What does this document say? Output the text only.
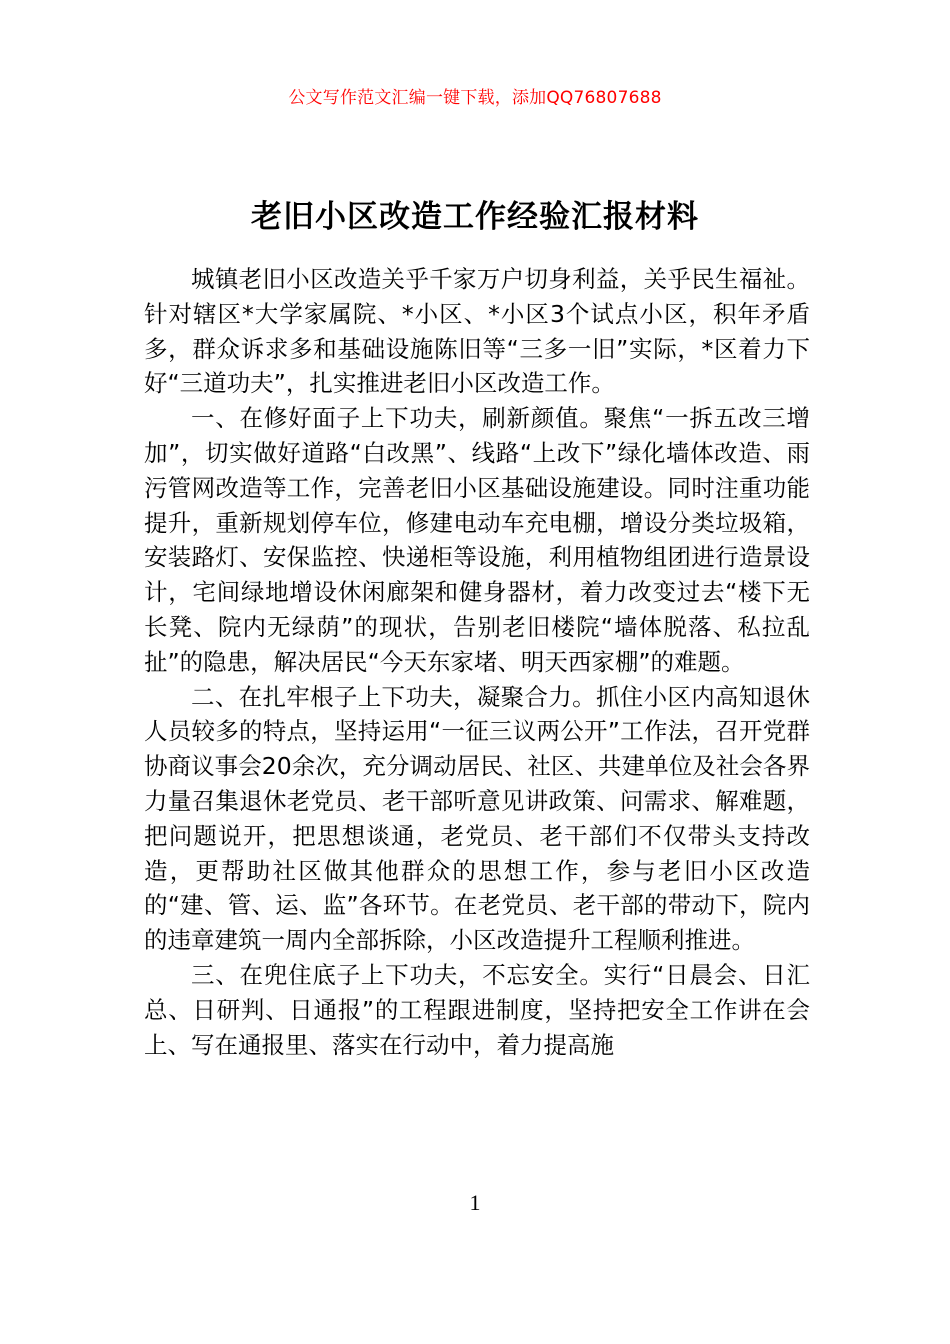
公文写作范文汇编一键下载，添加QQ76807688
老旧小区改造工作经验汇报材料

城镇老旧小区改造关乎千家万户切身利益，关乎民生福祉。针对辖区*大学家属院、*小区、*小区3个试点小区，积年矛盾多，群众诉求多和基础设施陈旧等“三多一旧”实际，*区着力下好“三道功夫”，扎实推进老旧小区改造工作。

一、在修好面子上下功夫，刷新颜值。聚焦“一拆五改三增加”，切实做好道路“白改黑”、线路“上改下”绿化墙体改造、雨污管网改造等工作，完善老旧小区基础设施建设。同时注重功能提升，重新规划停车位，修建电动车充电棚，增设分类垃圾箱，安装路灯、安保监控、快递柜等设施，利用植物组团进行造景设计，宅间绿地增设休闲廊架和健身器材，着力改变过去“楼下无长凳、院内无绿荫”的现状，告别老旧楼院“墙体脱落、私拉乱扯”的隐患，解决居民“今天东家堵、明天西家棚”的难题。

二、在扎牢根子上下功夫，凝聚合力。抓住小区内高知退休人员较多的特点，坚持运用“一征三议两公开”工作法，召开党群协商议事会20余次，充分调动居民、社区、共建单位及社会各界力量召集退休老党员、老干部听意见讲政策、问需求、解难题，把问题说开，把思想谈通，老党员、老干部们不仅带头支持改造，更帮助社区做其他群众的思想工作，参与老旧小区改造的“建、管、运、监”各环节。在老党员、老干部的带动下，院内的违章建筑一周内全部拆除，小区改造提升工程顺利推进。

三、在兜住底子上下功夫，不忘安全。实行“日晨会、日汇总、日研判、日通报”的工程跟进制度，坚持把安全工作讲在会上、写在通报里、落实在行动中，着力提高施

1
